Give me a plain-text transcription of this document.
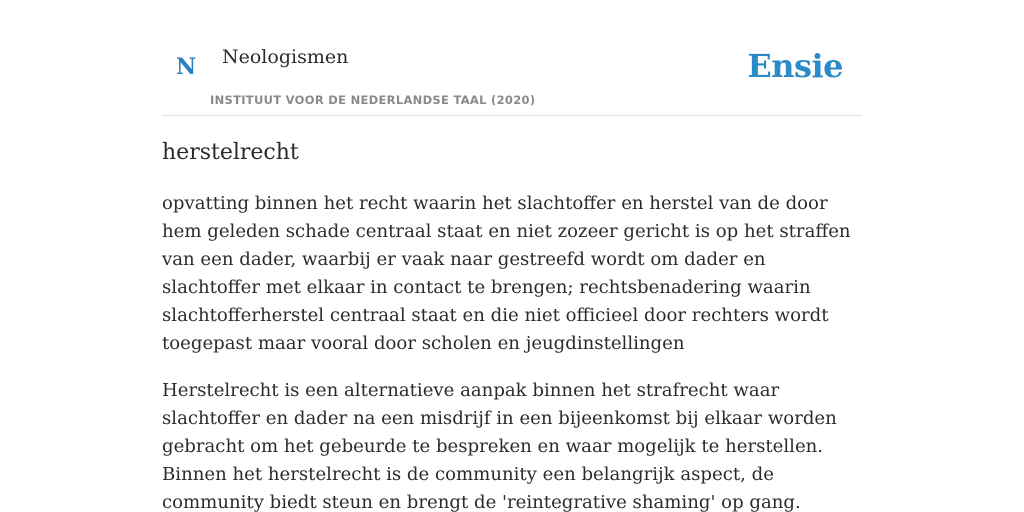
N Neologismen
INSTITUUT VOOR DE NEDERLANDSE TAAL (2020)
Ensie
herstelrecht

opvatting binnen het recht waarin het slachtoffer en herstel van de door hem geleden schade centraal staat en niet zozeer gericht is op het straffen van een dader, waarbij er vaak naar gestreefd wordt om dader en slachtoffer met elkaar in contact te brengen; rechtsbenadering waarin slachtofferherstel centraal staat en die niet officieel door rechters wordt toegepast maar vooral door scholen en jeugdinstellingen

Herstelrecht is een alternatieve aanpak binnen het strafrecht waar slachtoffer en dader na een misdrijf in een bijeenkomst bij elkaar worden gebracht om het gebeurde te bespreken en waar mogelijk te herstellen. Binnen het herstelrecht is de community een belangrijk aspect, de community biedt steun en brengt de 'reintegrative shaming' op gang.
